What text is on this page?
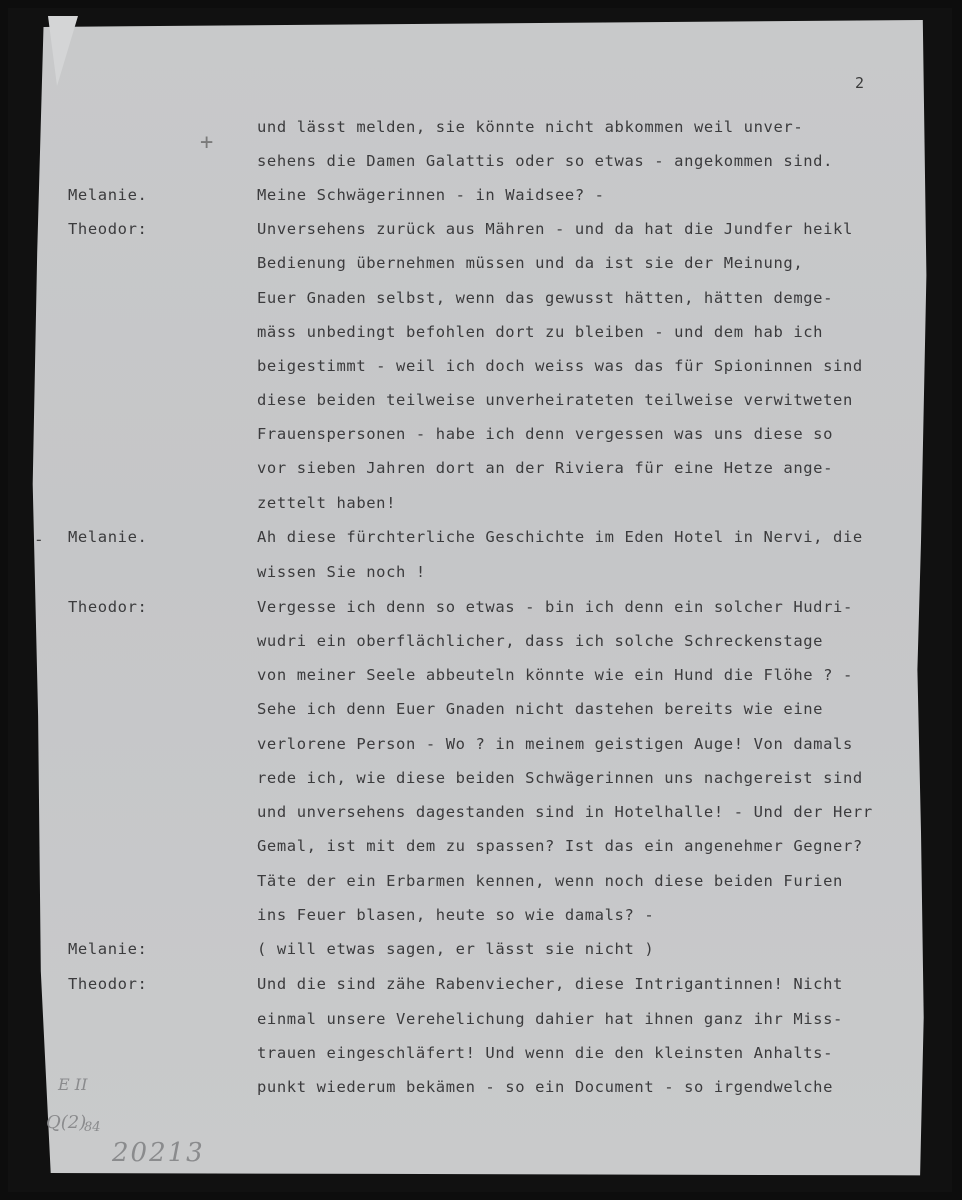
2
+
-
Melanie.
Theodor:
Melanie.
Theodor:
Melanie:
Theodor:
und lässt melden, sie könnte nicht abkommen weil unver-
sehens die Damen Galattis oder so etwas - angekommen sind.
Meine Schwägerinnen - in Waidsee? -
Unversehens zurück aus Mähren - und da hat die Jundfer heikl
Bedienung übernehmen müssen und da ist sie der Meinung,
Euer Gnaden selbst, wenn das gewusst hätten, hätten demge-
mäss unbedingt befohlen dort zu bleiben - und dem hab ich
beigestimmt - weil ich doch weiss was das für Spioninnen sind
diese beiden teilweise unverheirateten teilweise verwitweten
Frauenspersonen - habe ich denn vergessen was uns diese so
vor sieben Jahren dort an der Riviera für eine Hetze ange-
zettelt haben!
Ah diese fürchterliche Geschichte im Eden Hotel in Nervi, die
wissen Sie noch !
Vergesse ich denn so etwas - bin ich denn ein solcher Hudri-
wudri ein oberflächlicher, dass ich solche Schreckenstage
von meiner Seele abbeuteln könnte wie ein Hund die Flöhe ? -
Sehe ich denn Euer Gnaden nicht dastehen bereits wie eine
verlorene Person - Wo ? in meinem geistigen Auge! Von damals
rede ich, wie diese beiden Schwägerinnen uns nachgereist sind
und unversehens dagestanden sind in Hotelhalle! - Und der Herr
Gemal, ist mit dem zu spassen? Ist das ein angenehmer Gegner?
Täte der ein Erbarmen kennen, wenn noch diese beiden Furien
ins Feuer blasen, heute so wie damals? -
( will etwas sagen, er lässt sie nicht )
Und die sind zähe Rabenviecher, diese Intrigantinnen! Nicht
einmal unsere Verehelichung dahier hat ihnen ganz ihr Miss-
trauen eingeschläfert! Und wenn die den kleinsten Anhalts-
punkt wiederum bekämen - so ein Document - so irgendwelche
E II
Q(2)
84
20213
